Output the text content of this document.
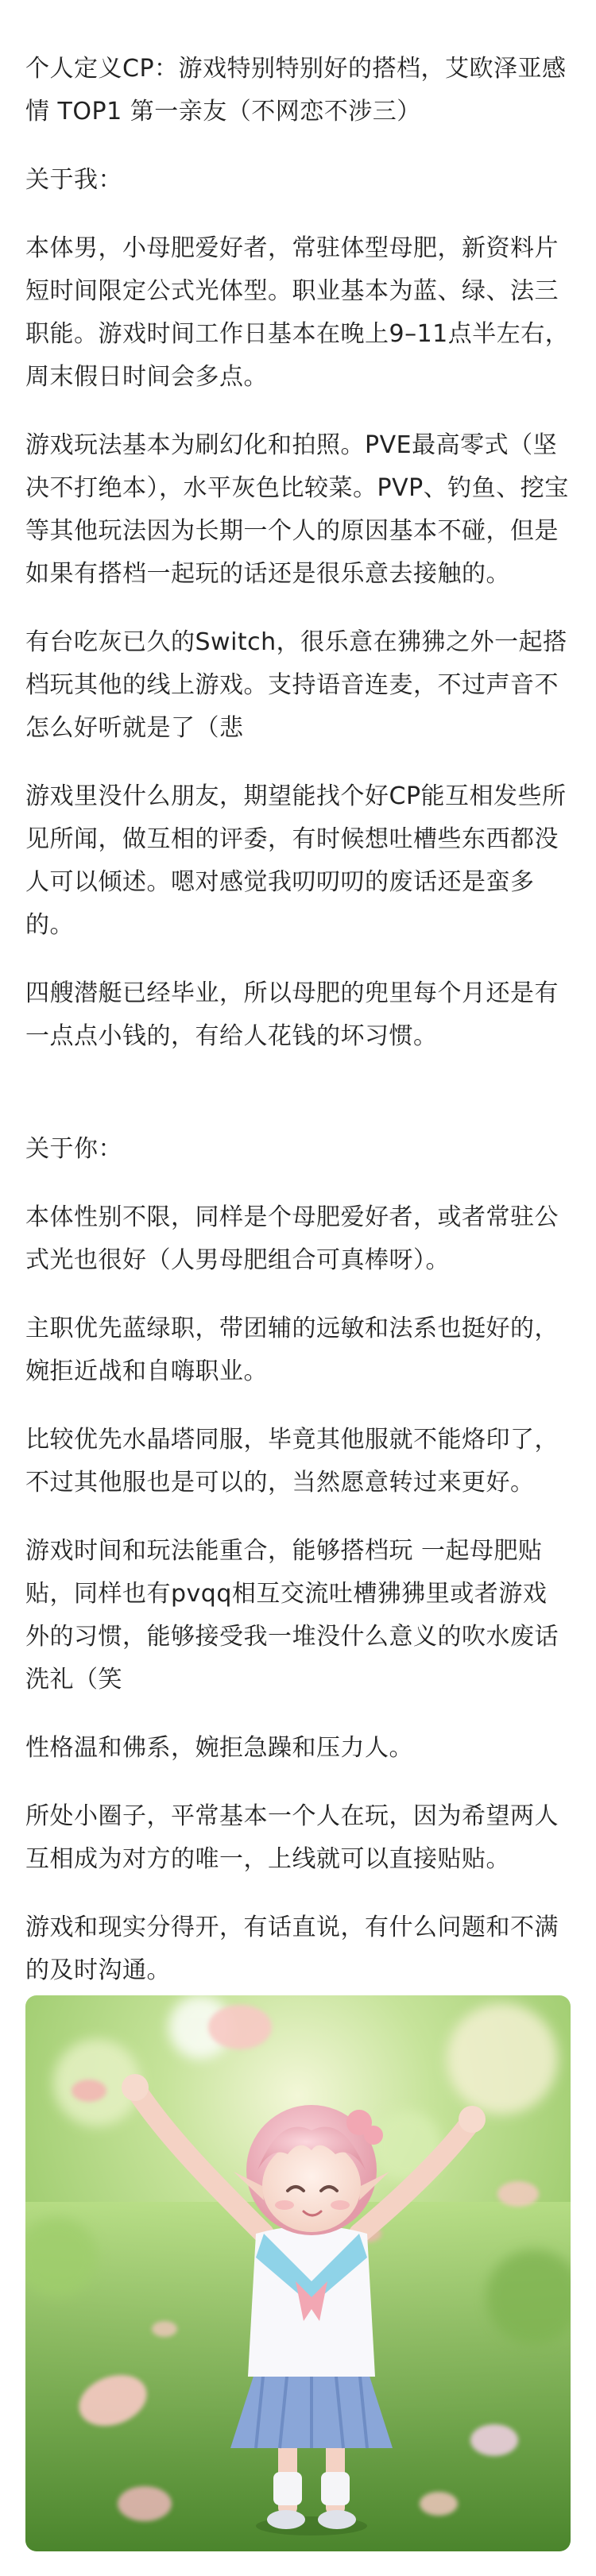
个人定义CP：游戏特别特别好的搭档，艾欧泽亚感情 TOP1 第一亲友（不网恋不涉三）

关于我：

本体男，小母肥爱好者，常驻体型母肥，新资料片短时间限定公式光体型。职业基本为蓝、绿、法三职能。游戏时间工作日基本在晚上9–11点半左右，周末假日时间会多点。

游戏玩法基本为刷幻化和拍照。PVE最高零式（坚决不打绝本），水平灰色比较菜。PVP、钓鱼、挖宝等其他玩法因为长期一个人的原因基本不碰，但是如果有搭档一起玩的话还是很乐意去接触的。

有台吃灰已久的Switch，很乐意在狒狒之外一起搭档玩其他的线上游戏。支持语音连麦，不过声音不怎么好听就是了（悲

游戏里没什么朋友，期望能找个好CP能互相发些所见所闻，做互相的评委，有时候想吐槽些东西都没人可以倾述。嗯对感觉我叨叨叨的废话还是蛮多的。

四艘潜艇已经毕业，所以母肥的兜里每个月还是有一点点小钱的，有给人花钱的坏习惯。

关于你：

本体性别不限，同样是个母肥爱好者，或者常驻公式光也很好（人男母肥组合可真棒呀）。

主职优先蓝绿职，带团辅的远敏和法系也挺好的，婉拒近战和自嗨职业。

比较优先水晶塔同服，毕竟其他服就不能烙印了，不过其他服也是可以的，当然愿意转过来更好。

游戏时间和玩法能重合，能够搭档玩 一起母肥贴贴，同样也有pvqq相互交流吐槽狒狒里或者游戏外的习惯，能够接受我一堆没什么意义的吹水废话洗礼（笑

性格温和佛系，婉拒急躁和压力人。

所处小圈子，平常基本一个人在玩，因为希望两人互相成为对方的唯一，上线就可以直接贴贴。

游戏和现实分得开，有话直说，有什么问题和不满的及时沟通。
